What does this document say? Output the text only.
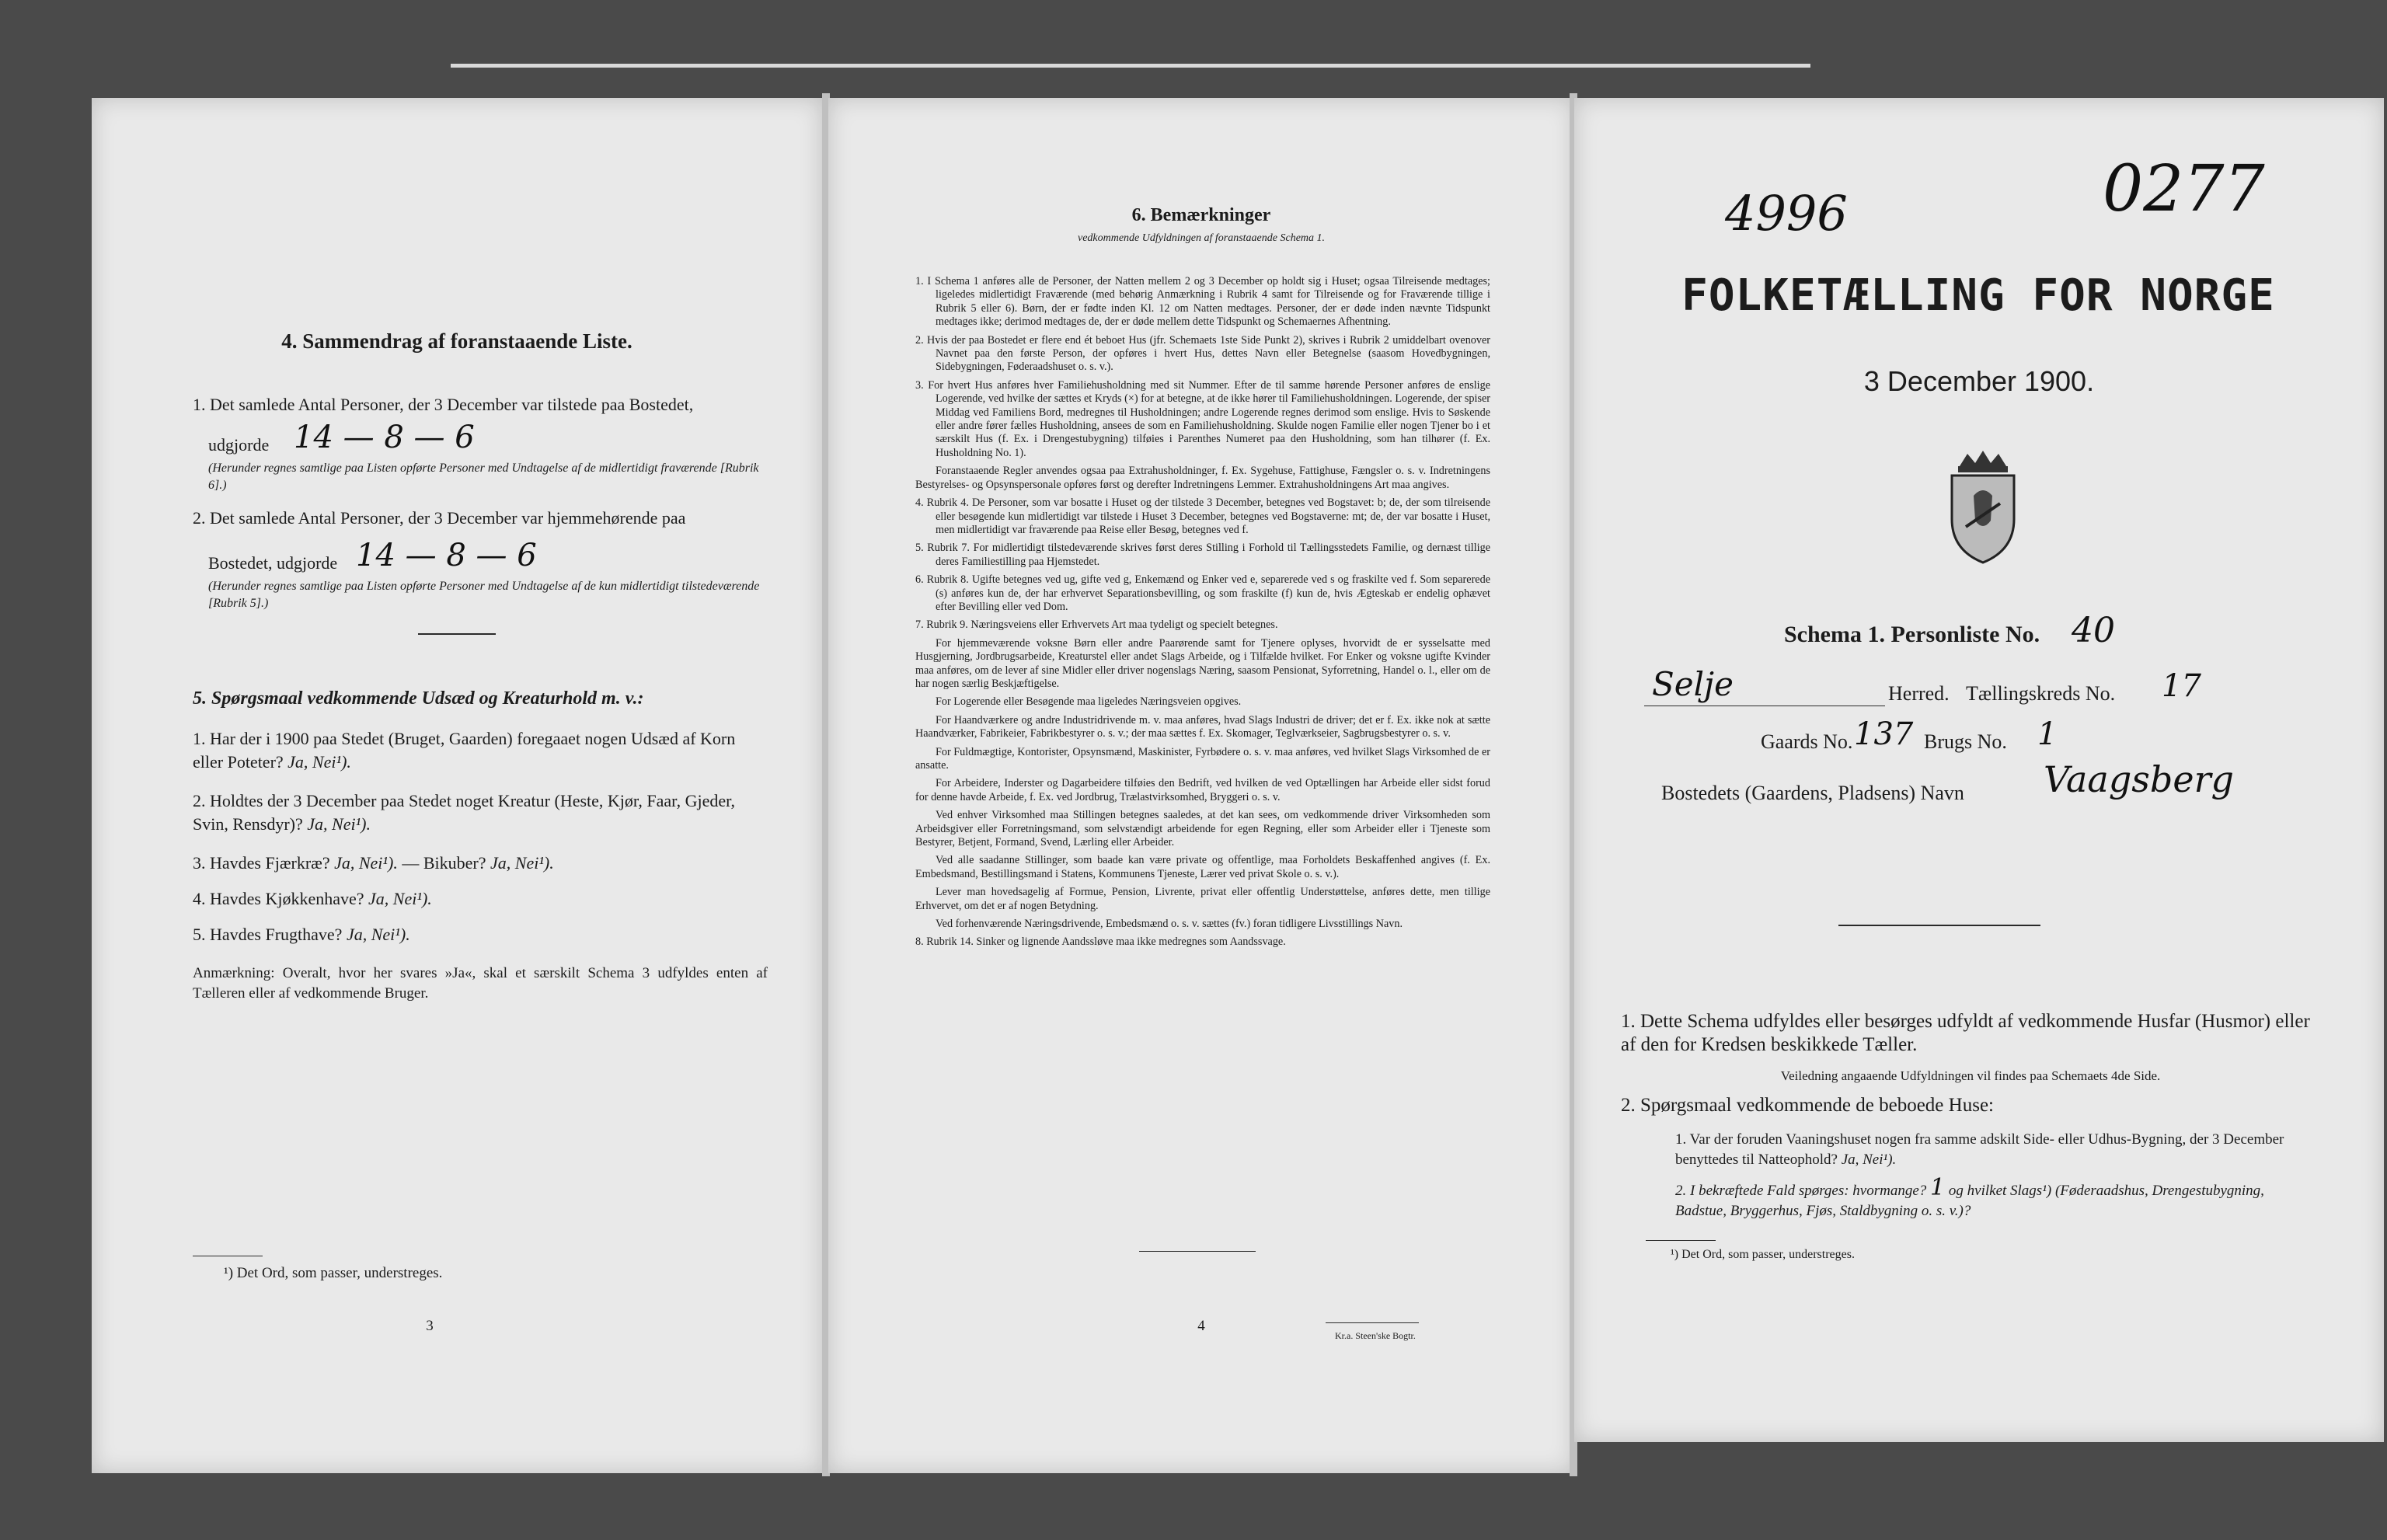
4. Sammendrag af foranstaaende Liste.
1. Det samlede Antal Personer, der 3 December var tilstede paa Bostedet,
udgjorde 14 — 8 — 6
(Herunder regnes samtlige paa Listen opførte Personer med Undtagelse af de midlertidigt fraværende [Rubrik 6].)
2. Det samlede Antal Personer, der 3 December var hjemmehørende paa
Bostedet, udgjorde 14 — 8 — 6
(Herunder regnes samtlige paa Listen opførte Personer med Undtagelse af de kun midlertidigt tilstedeværende [Rubrik 5].)
5. Spørgsmaal vedkommende Udsæd og Kreaturhold m. v.:
1. Har der i 1900 paa Stedet (Bruget, Gaarden) foregaaet nogen Udsæd af Korn eller Poteter? Ja, Nei¹).
2. Holdtes der 3 December paa Stedet noget Kreatur (Heste, Kjør, Faar, Gjeder, Svin, Rensdyr)? Ja, Nei¹).
3. Havdes Fjærkræ? Ja, Nei¹). — Bikuber? Ja, Nei¹).
4. Havdes Kjøkkenhave? Ja, Nei¹).
5. Havdes Frugthave? Ja, Nei¹).
Anmærkning: Overalt, hvor her svares »Ja«, skal et særskilt Schema 3 udfyldes enten af Tælleren eller af vedkommende Bruger.
¹) Det Ord, som passer, understreges.
3
6. Bemærkninger
vedkommende Udfyldningen af foranstaaende Schema 1.

1. I Schema 1 anføres alle de Personer, der Natten mellem 2 og 3 December op holdt sig i Huset; ogsaa Tilreisende medtages; ligeledes midlertidigt Fraværende (med behørig Anmærkning i Rubrik 4 samt for Tilreisende og for Fraværende tillige i Rubrik 5 eller 6). Børn, der er fødte inden Kl. 12 om Natten medtages. Personer, der er døde inden nævnte Tidspunkt medtages ikke; derimod medtages de, der er døde mellem dette Tidspunkt og Schemaernes Afhentning.

2. Hvis der paa Bostedet er flere end ét beboet Hus (jfr. Schemaets 1ste Side Punkt 2), skrives i Rubrik 2 umiddelbart ovenover Navnet paa den første Person, der opføres i hvert Hus, dettes Navn eller Betegnelse (saasom Hovedbygningen, Sidebygningen, Føderaadshuset o. s. v.).

3. For hvert Hus anføres hver Familiehusholdning med sit Nummer. Efter de til samme hørende Personer anføres de enslige Logerende, ved hvilke der sættes et Kryds (×) for at betegne, at de ikke hører til Familiehusholdningen. Logerende, der spiser Middag ved Familiens Bord, medregnes til Husholdningen; andre Logerende regnes derimod som enslige. Hvis to Søskende eller andre fører fælles Husholdning, ansees de som en Familiehusholdning. Skulde nogen Familie eller nogen Tjener bo i et særskilt Hus (f. Ex. i Drengestubygning) tilføies i Parenthes Numeret paa den Husholdning, som han tilhører (f. Ex. Husholdning No. 1).

Foranstaaende Regler anvendes ogsaa paa Extrahusholdninger, f. Ex. Sygehuse, Fattighuse, Fængsler o. s. v. Indretningens Bestyrelses- og Opsynspersonale opføres først og derefter Indretningens Lemmer. Extrahusholdningens Art maa angives.

4. Rubrik 4. De Personer, som var bosatte i Huset og der tilstede 3 December, betegnes ved Bogstavet: b; de, der som tilreisende eller besøgende kun midlertidigt var tilstede i Huset 3 December, betegnes ved Bogstaverne: mt; de, der var bosatte i Huset, men midlertidigt var fraværende paa Reise eller Besøg, betegnes ved f.

5. Rubrik 7. For midlertidigt tilstedeværende skrives først deres Stilling i Forhold til Tællingsstedets Familie, og dernæst tillige deres Familiestilling paa Hjemstedet.

6. Rubrik 8. Ugifte betegnes ved ug, gifte ved g, Enkemænd og Enker ved e, separerede ved s og fraskilte ved f. Som separerede (s) anføres kun de, der har erhvervet Separationsbevilling, og som fraskilte (f) kun de, hvis Ægteskab er endelig ophævet efter Bevilling eller ved Dom.

7. Rubrik 9. Næringsveiens eller Erhvervets Art maa tydeligt og specielt betegnes.

For hjemmeværende voksne Børn eller andre Paarørende samt for Tjenere oplyses, hvorvidt de er sysselsatte med Husgjerning, Jordbrugsarbeide, Kreaturstel eller andet Slags Arbeide, og i Tilfælde hvilket. For Enker og voksne ugifte Kvinder maa anføres, om de lever af sine Midler eller driver nogenslags Næring, saasom Pensionat, Syforretning, Handel o. l., eller om de har nogen særlig Beskjæftigelse.

For Logerende eller Besøgende maa ligeledes Næringsveien opgives.

For Haandværkere og andre Industridrivende m. v. maa anføres, hvad Slags Industri de driver; det er f. Ex. ikke nok at sætte Haandværker, Fabrikeier, Fabrikbestyrer o. s. v.; der maa sættes f. Ex. Skomager, Teglværkseier, Sagbrugsbestyrer o. s. v.

For Fuldmægtige, Kontorister, Opsynsmænd, Maskinister, Fyrbødere o. s. v. maa anføres, ved hvilket Slags Virksomhed de er ansatte.

For Arbeidere, Inderster og Dagarbeidere tilføies den Bedrift, ved hvilken de ved Optællingen har Arbeide eller sidst forud for denne havde Arbeide, f. Ex. ved Jordbrug, Trælastvirksomhed, Bryggeri o. s. v.

Ved enhver Virksomhed maa Stillingen betegnes saaledes, at det kan sees, om vedkommende driver Virksomheden som Arbeidsgiver eller Forretningsmand, som selvstændigt arbeidende for egen Regning, eller som Arbeider eller i Tjeneste som Bestyrer, Betjent, Formand, Svend, Lærling eller Arbeider.

Ved alle saadanne Stillinger, som baade kan være private og offentlige, maa Forholdets Beskaffenhed angives (f. Ex. Embedsmand, Bestillingsmand i Statens, Kommunens Tjeneste, Lærer ved privat Skole o. s. v.).

Lever man hovedsagelig af Formue, Pension, Livrente, privat eller offentlig Understøttelse, anføres dette, men tillige Erhvervet, om det er af nogen Betydning.

Ved forhenværende Næringsdrivende, Embedsmænd o. s. v. sættes (fv.) foran tidligere Livsstillings Navn.

8. Rubrik 14. Sinker og lignende Aandssløve maa ikke medregnes som Aandssvage.

4
Kr.a. Steen'ske Bogtr.
4996	0277
FOLKETÆLLING FOR NORGE
3 December 1900.
Schema 1. Personliste No. 40
Selje	Herred. Tællingskreds No. 17
Gaards No. 137 Brugs No. 1
Bostedets (Gaardens, Pladsens) Navn Vaagsberg
1. Dette Schema udfyldes eller besørges udfyldt af vedkommende Husfar (Husmor) eller af den for Kredsen beskikkede Tæller.
Veiledning angaaende Udfyldningen vil findes paa Schemaets 4de Side.
2. Spørgsmaal vedkommende de beboede Huse:
1. Var der foruden Vaaningshuset nogen fra samme adskilt Side- eller Udhus-Bygning, der 3 December benyttedes til Natteophold? Ja, Nei¹).
2. I bekræftede Fald spørges: hvormange? 1 og hvilket Slags¹) (Føderaadshus, Drengestubygning, Badstue, Bryggerhus, Fjøs, Staldbygning o. s. v.)?
¹) Det Ord, som passer, understreges.
